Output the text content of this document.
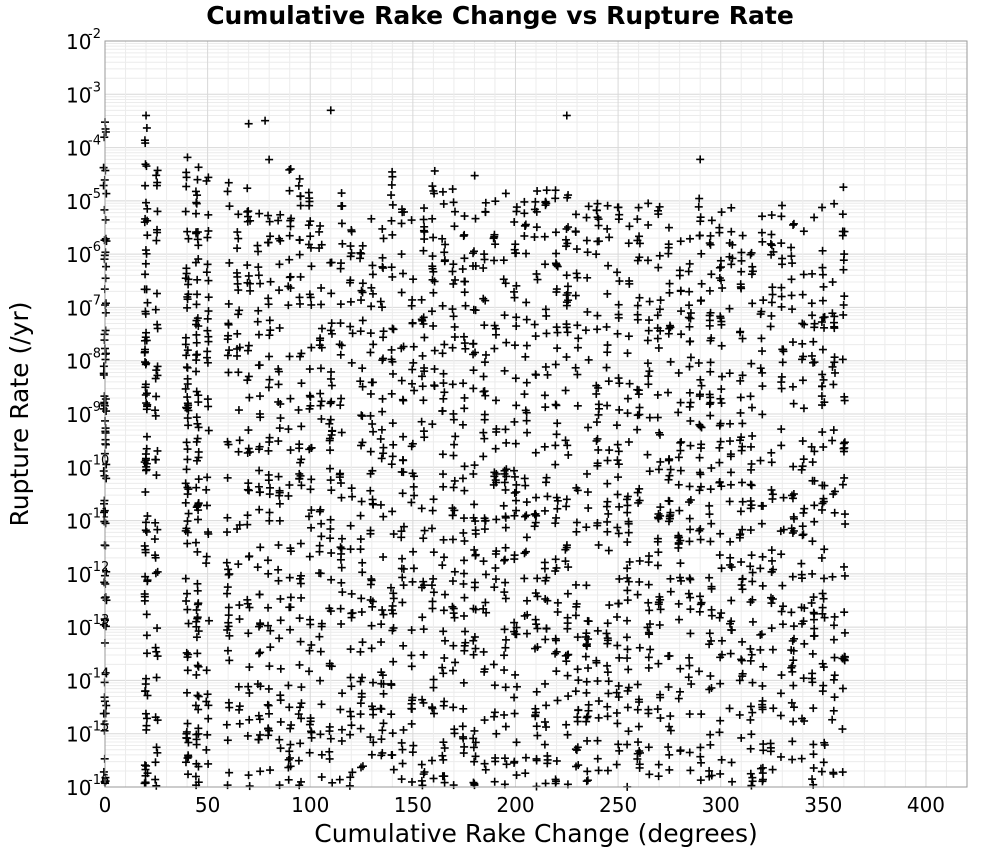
Cumulative Rake Change vs Rupture Rate
0	50	100	150	200	250	300	350	400
10
-16
10
-15
10
-14
10
-13
10
-12
10
-11
10
-10
10
-9
10
-8
10
-7
10
-6
10
-5
10
-4
10
-3
10
-2
Cumulative Rake Change (degrees)
Rupture Rate (/yr)
